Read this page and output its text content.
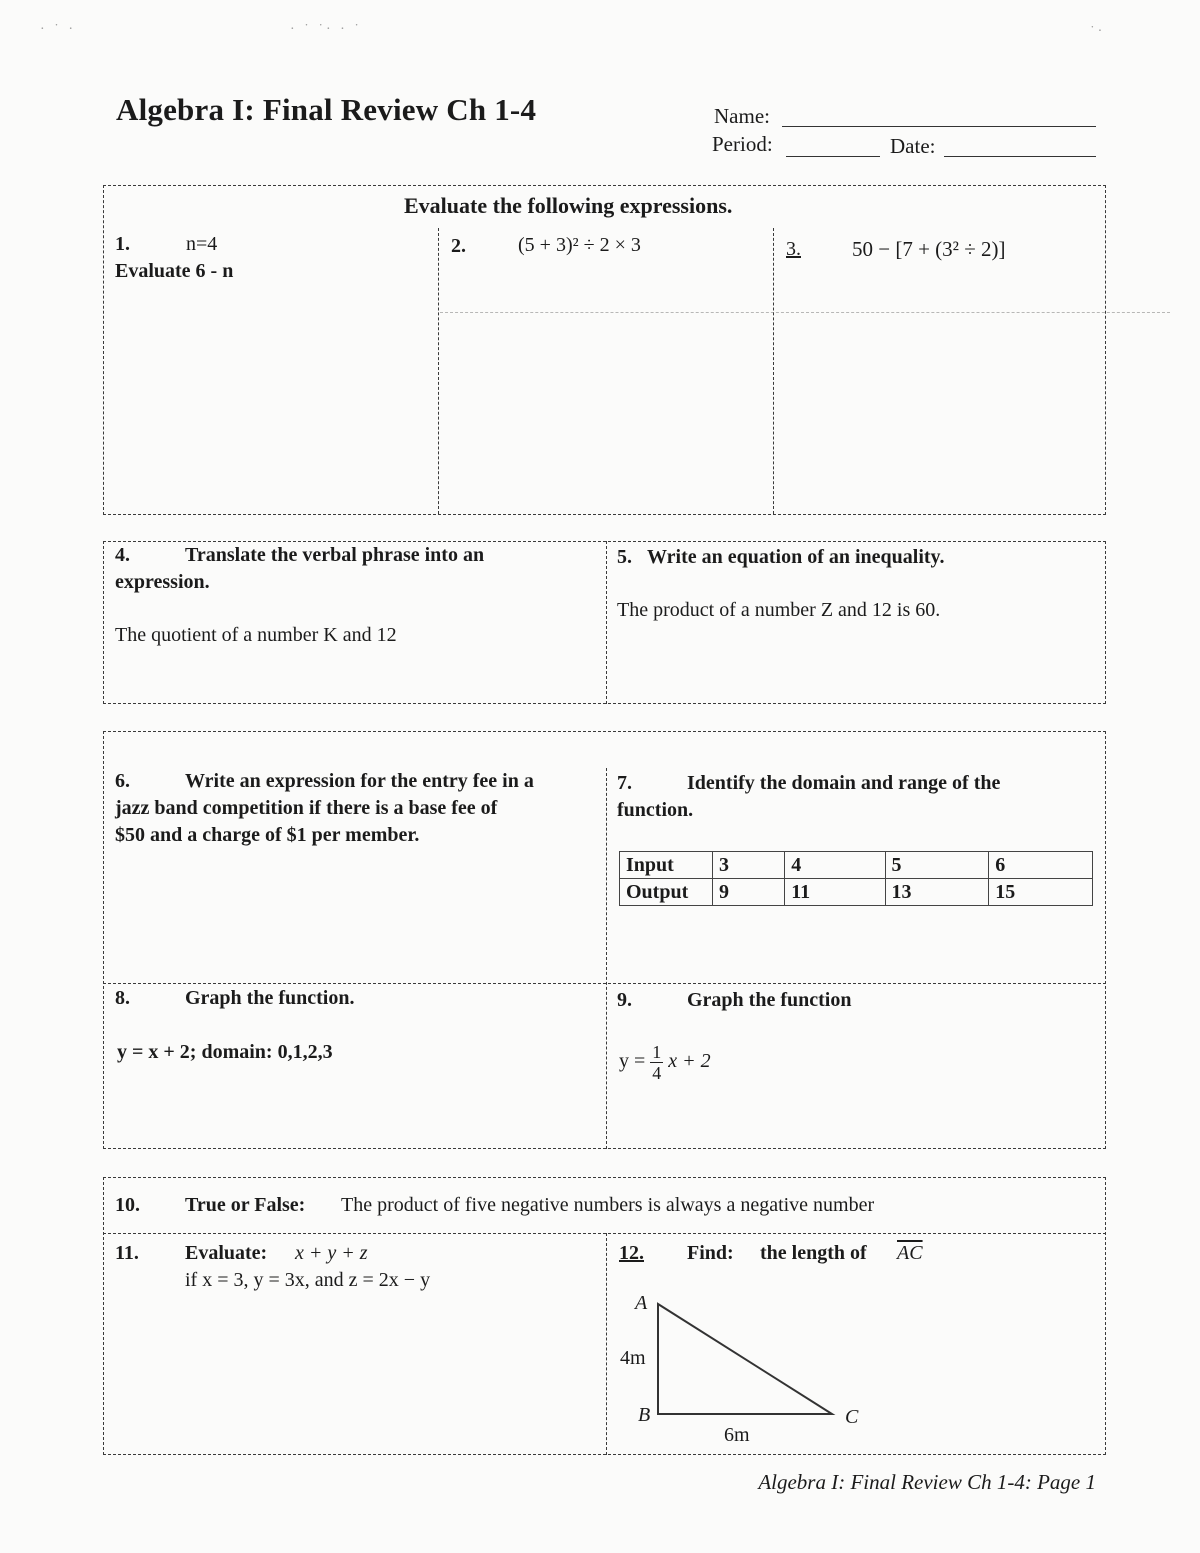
· ˙ ·	· ˙ ˙· · ˙	˙·
Algebra I: Final Review Ch 1-4	Name:
Period:	Date:
Evaluate the following expressions.
1.	n=4
Evaluate 6 - n
2.	(5 + 3)² ÷ 2 × 3	3. 50 − [7 + (3² ÷ 2)]
4.	Translate the verbal phrase into an
expression.
The quotient of a number K and 12
5. Write an equation of an inequality.
The product of a number Z and 12 is 60.
6.	Write an expression for the entry fee in a
jazz band competition if there is a base fee of
$50 and a charge of $1 per member.
7.	Identify the domain and range of the
function.
Input	3	4	5	6
Output	9	11	13	15
8.	Graph the function.
y = x + 2; domain: 0,1,2,3
9.	Graph the function
$y = \frac{1}{4}$ x + 2
10. True or False: The product of five negative numbers is always a negative number
11. Evaluate: x + y + z
if x = 3, y = 3x, and z = 2x − y
12. Find: the length of $\overline{AC}$
A
4m
B	C
6m
Algebra I: Final Review Ch 1-4: Page 1
